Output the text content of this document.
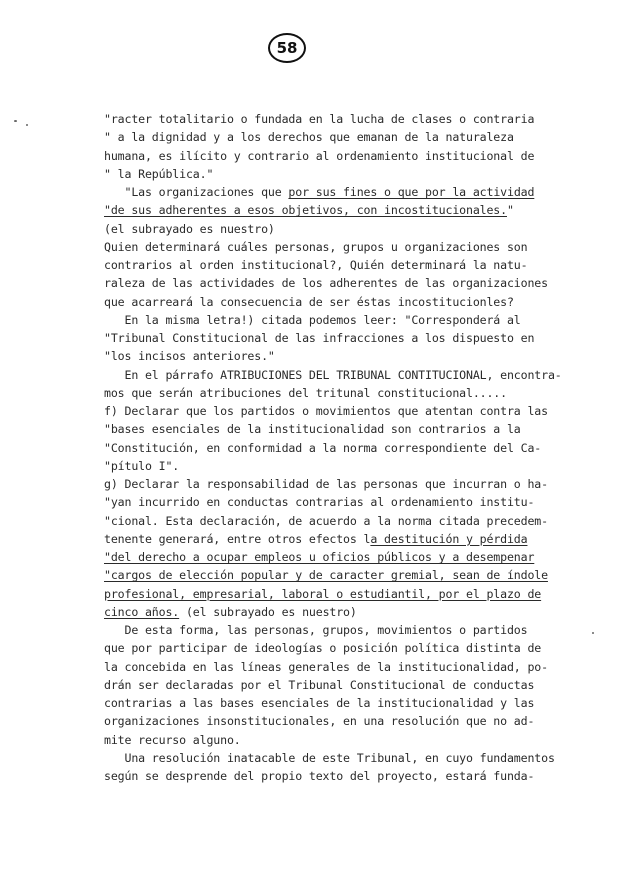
58
"racter totalitario o fundada en la lucha de clases o contraria
" a la dignidad y a los derechos que emanan de la naturaleza
humana, es ilícito y contrario al ordenamiento institucional de
" la República."
"Las organizaciones que por sus fines o que por la actividad
"de sus adherentes a esos objetivos, con incostitucionales."
(el subrayado es nuestro)
Quien determinará cuáles personas, grupos u organizaciones son
contrarios al orden institucional?, Quién determinará la natu-
raleza de las actividades de los adherentes de las organizaciones
que acarreará la consecuencia de ser éstas incostitucionles?
En la misma letra!) citada podemos leer: "Corresponderá al
"Tribunal Constitucional de las infracciones a los dispuesto en
"los incisos anteriores."
En el párrafo ATRIBUCIONES DEL TRIBUNAL CONTITUCIONAL, encontra-
mos que serán atribuciones del tritunal constitucional.....
f) Declarar que los partidos o movimientos que atentan contra las
"bases esenciales de la institucionalidad son contrarios a la
"Constitución, en conformidad a la norma correspondiente del Ca-
"pítulo I".
g) Declarar la responsabilidad de las personas que incurran o ha-
"yan incurrido en conductas contrarias al ordenamiento institu-
"cional. Esta declaración, de acuerdo a la norma citada precedem-
tenente generará, entre otros efectos la destitución y pérdida
"del derecho a ocupar empleos u oficios públicos y a desempenar
"cargos de elección popular y de caracter gremial, sean de índole
profesional, empresarial, laboral o estudiantil, por el plazo de
cinco años. (el subrayado es nuestro)
De esta forma, las personas, grupos, movimientos o partidos
que por participar de ideologías o posición política distinta de
la concebida en las líneas generales de la institucionalidad, po-
drán ser declaradas por el Tribunal Constitucional de conductas
contrarias a las bases esenciales de la institucionalidad y las
organizaciones insonstitucionales, en una resolución que no ad-
mite recurso alguno.
Una resolución inatacable de este Tribunal, en cuyo fundamentos
según se desprende del propio texto del proyecto, estará funda-
